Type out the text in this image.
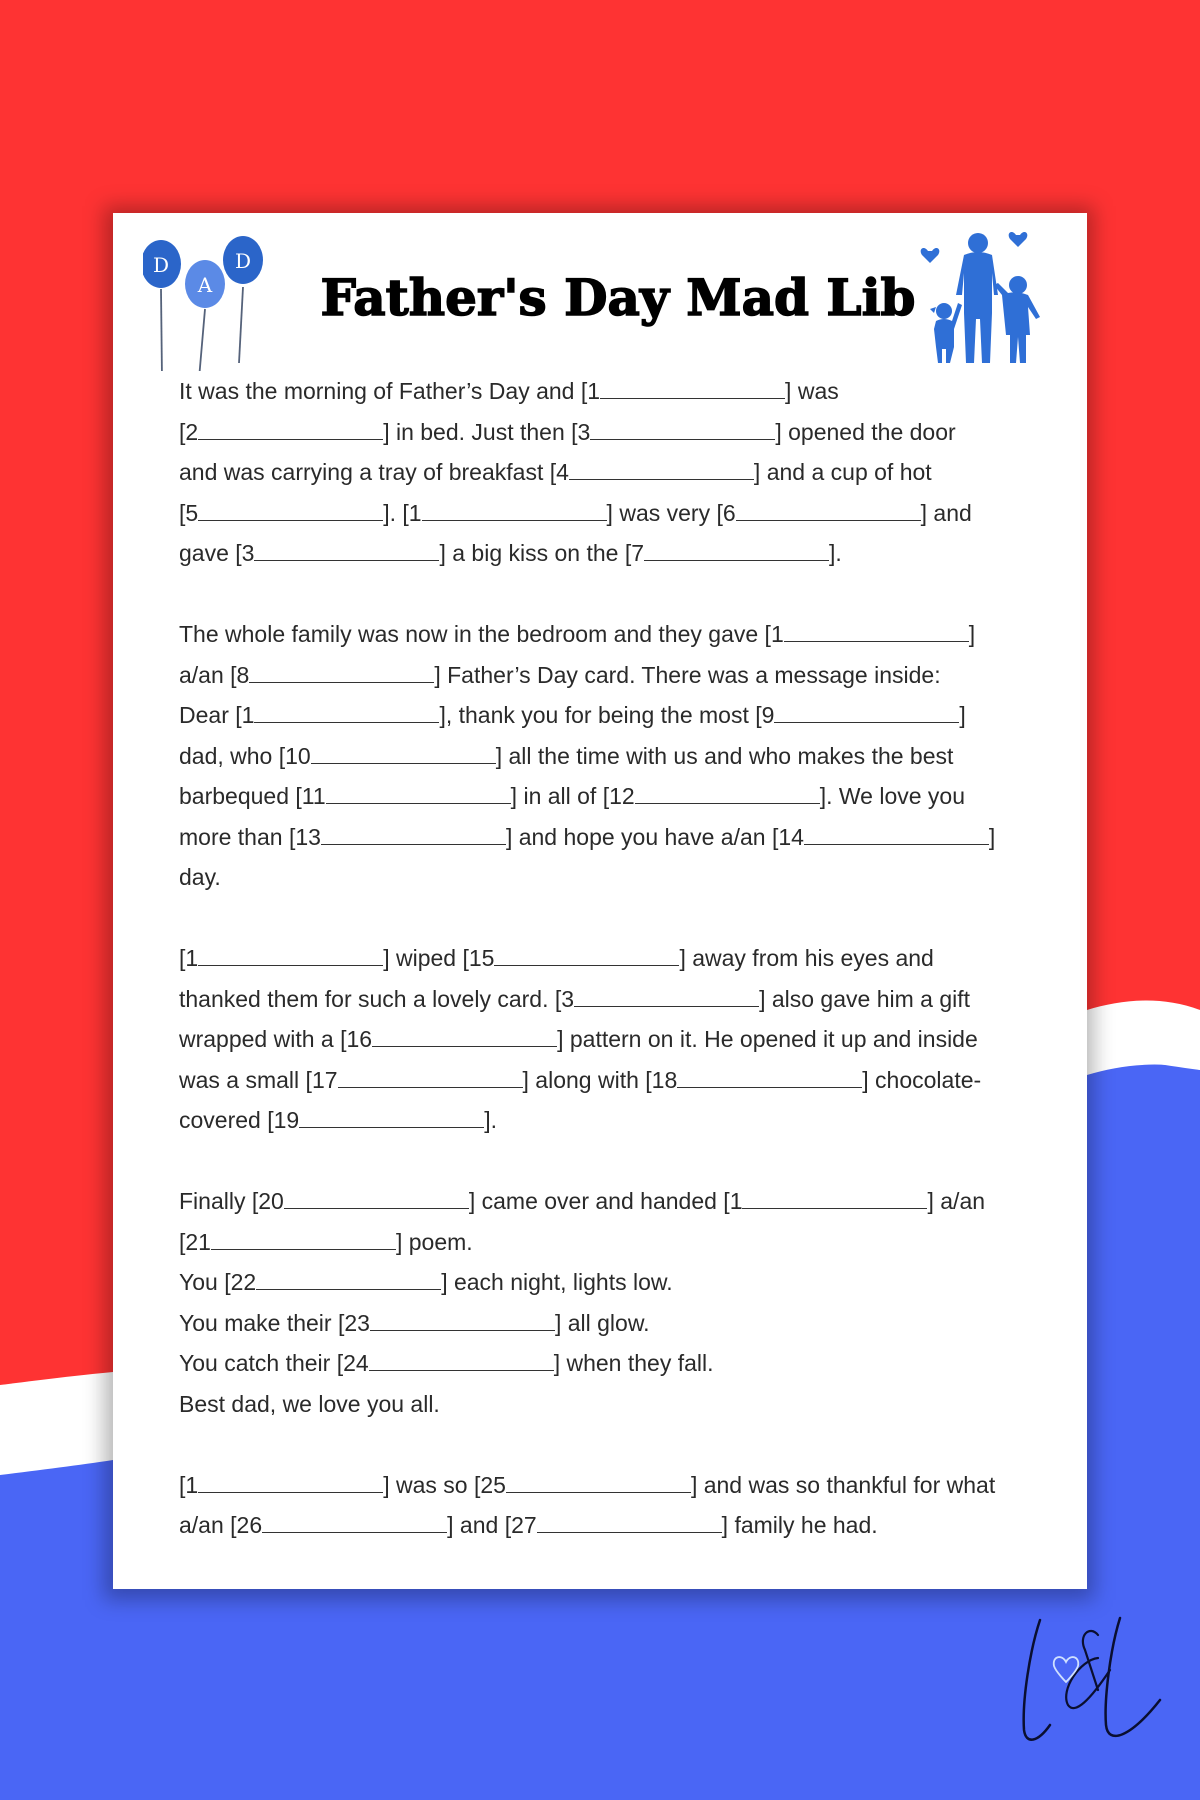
D
A
D
Father's Day Mad Lib
It was the morning of Father’s Day and [1	] was
[2	] in bed. Just then [3	] opened the door
and was carrying a tray of breakfast [4	] and a cup of hot
[5	]. [1	] was very [6	] and
gave [3	] a big kiss on the [7	].
The whole family was now in the bedroom and they gave [1	]
a/an [8	] Father’s Day card. There was a message inside:
Dear [1	], thank you for being the most [9	]
dad, who [10	] all the time with us and who makes the best
barbequed [11	] in all of [12	]. We love you
more than [13	] and hope you have a/an [14	]
day.
[1	] wiped [15	] away from his eyes and
thanked them for such a lovely card. [3	] also gave him a gift
wrapped with a [16	] pattern on it. He opened it up and inside
was a small [17	] along with [18	] chocolate-
covered [19	].
Finally [20	] came over and handed [1	] a/an
[21	] poem.
You [22	] each night, lights low.
You make their [23	] all glow.
You catch their [24	] when they fall.
Best dad, we love you all.
[1	] was so [25	] and was so thankful for what
a/an [26	] and [27	] family he had.
